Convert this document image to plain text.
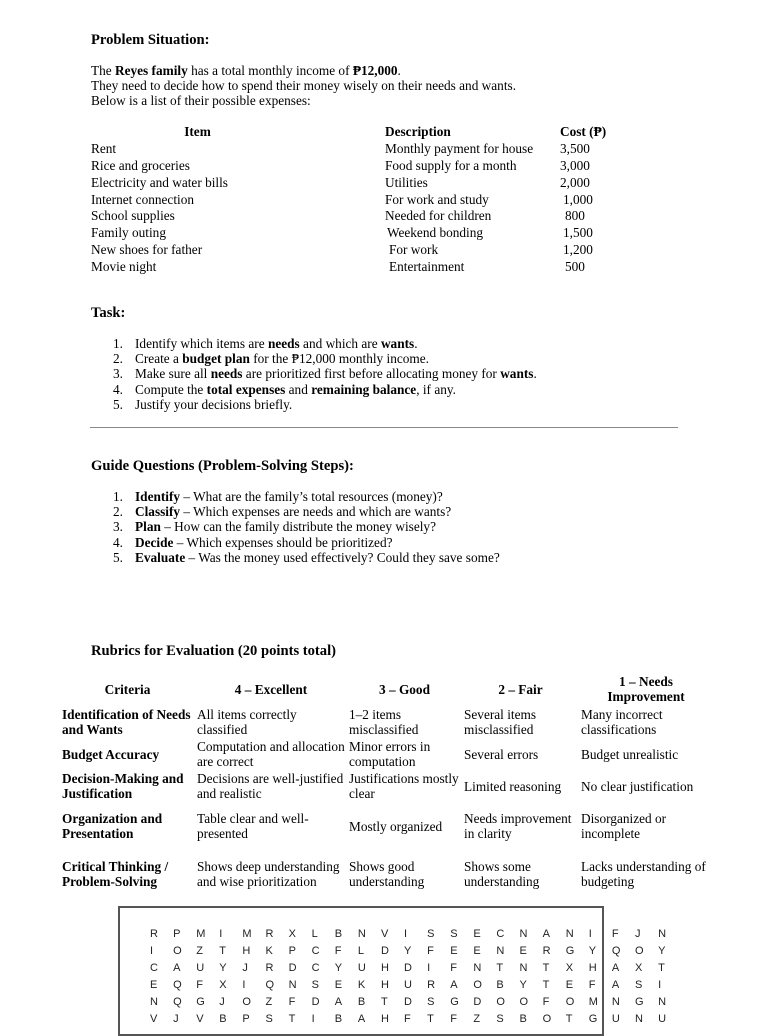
Problem Situation:
The Reyes family has a total monthly income of ₱12,000.
They need to decide how to spend their money wisely on their needs and wants.
Below is a list of their possible expenses:
Item	Description	Cost (₱)
Rent	Monthly payment for house	3,500
Rice and groceries	Food supply for a month	3,000
Electricity and water bills	Utilities	2,000
Internet connection	For work and study	1,000
School supplies	Needed for children	800
Family outing	Weekend bonding	1,500
New shoes for father	For work	1,200
Movie night	Entertainment	500
Task:
1. Identify which items are needs and which are wants.
2. Create a budget plan for the ₱12,000 monthly income.
3. Make sure all needs are prioritized first before allocating money for wants.
4. Compute the total expenses and remaining balance, if any.
5. Justify your decisions briefly.
Guide Questions (Problem-Solving Steps):
1. Identify – What are the family’s total resources (money)?
2. Classify – Which expenses are needs and which are wants?
3. Plan – How can the family distribute the money wisely?
4. Decide – Which expenses should be prioritized?
5. Evaluate – Was the money used effectively? Could they save some?
Rubrics for Evaluation (20 points total)
Criteria	4 – Excellent	3 – Good	2 – Fair	1 – Needs Improvement
Identification of Needs and Wants	All items correctly classified	1–2 items misclassified	Several items misclassified	Many incorrect classifications
Budget Accuracy	Computation and allocation are correct	Minor errors in computation	Several errors	Budget unrealistic
Decision-Making and Justification	Decisions are well-justified and realistic	Justifications mostly clear	Limited reasoning	No clear justification
Organization and Presentation	Table clear and well-presented	Mostly organized	Needs improvement in clarity	Disorganized or incomplete
Critical Thinking / Problem-Solving	Shows deep understanding and wise prioritization	Shows good understanding	Shows some understanding	Lacks understanding of budgeting
R	P	M	I	M	R	X	L	B	N	V	I	S	S	E	C	N	A	N	I	F	J	N
I	O	Z	T	H	K	P	C	F	L	D	Y	F	E	E	N	E	R	G	Y	Q	O	Y
C	A	U	Y	J	R	D	C	Y	U	H	D	I	F	N	T	N	T	X	H	A	X	T
E	Q	F	X	I	Q	N	S	E	K	H	U	R	A	O	B	Y	T	E	F	A	S	I
N	Q	G	J	O	Z	F	D	A	B	T	D	S	G	D	O	O	F	O	M	N	G	N
V	J	V	B	P	S	T	I	B	A	H	F	T	F	Z	S	B	O	T	G	U	N	U
